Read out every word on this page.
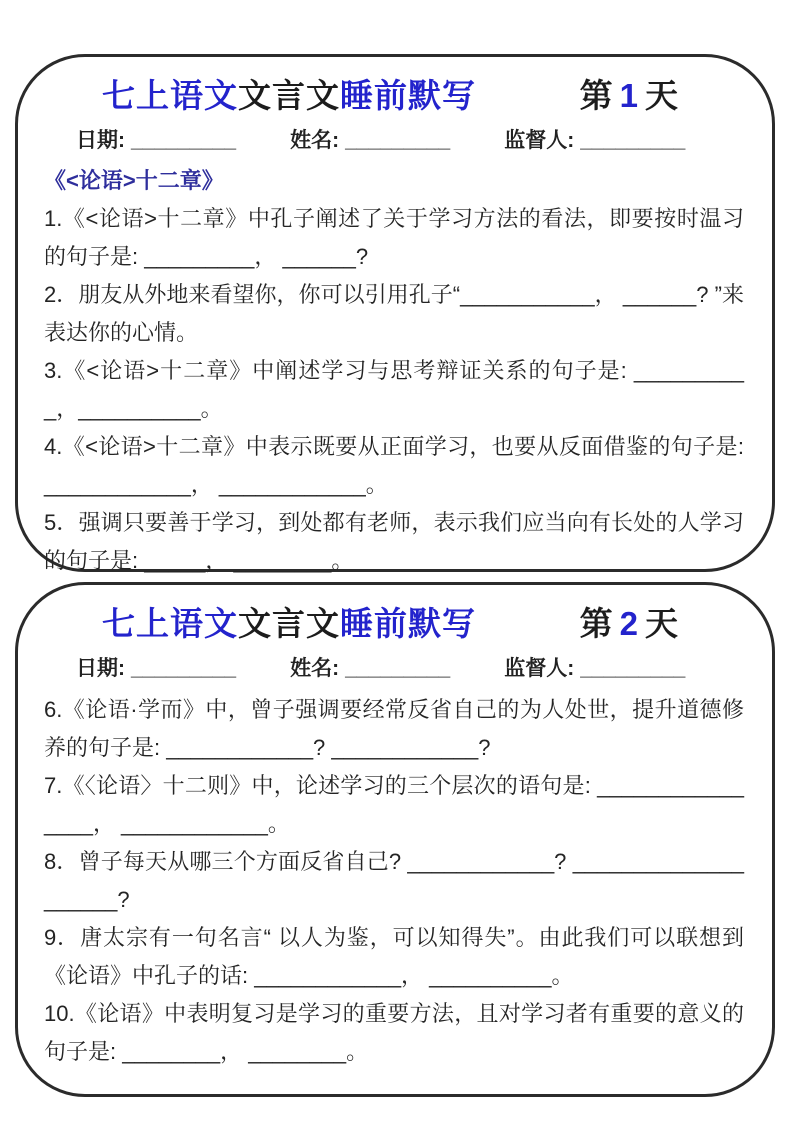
七上语文文言文睡前默写	第 1 天
日期: _________	姓名: _________	监督人: _________
《<论语>十二章》

1.《<论语>十二章》中孔子阐述了关于学习方法的看法，即要按时温习的句子是: _________， ______?

2．朋友从外地来看望你，你可以引用孔子“___________， ______? ”来表达你的心情。

3.《<论语>十二章》中阐述学习与思考辩证关系的句子是: __________，__________。

4.《<论语>十二章》中表示既要从正面学习，也要从反面借鉴的句子是: ____________， ____________。

5．强调只要善于学习，到处都有老师，表示我们应当向有长处的人学习的句子是: _____， ________。

七上语文文言文睡前默写	第 2 天
日期: _________	姓名: _________	监督人: _________

6.《论语·学而》中，曾子强调要经常反省自己的为人处世，提升道德修养的句子是: ____________? ____________?

7.《〈论语〉十二则》中，论述学习的三个层次的语句是: ________________， ____________。

8．曾子每天从哪三个方面反省自己? ____________? ____________________?

9．唐太宗有一句名言“ 以人为鉴，可以知得失”。由此我们可以联想到《论语》中孔子的话: ____________， __________。

10.《论语》中表明复习是学习的重要方法，且对学习者有重要的意义的句子是: ________， ________。
